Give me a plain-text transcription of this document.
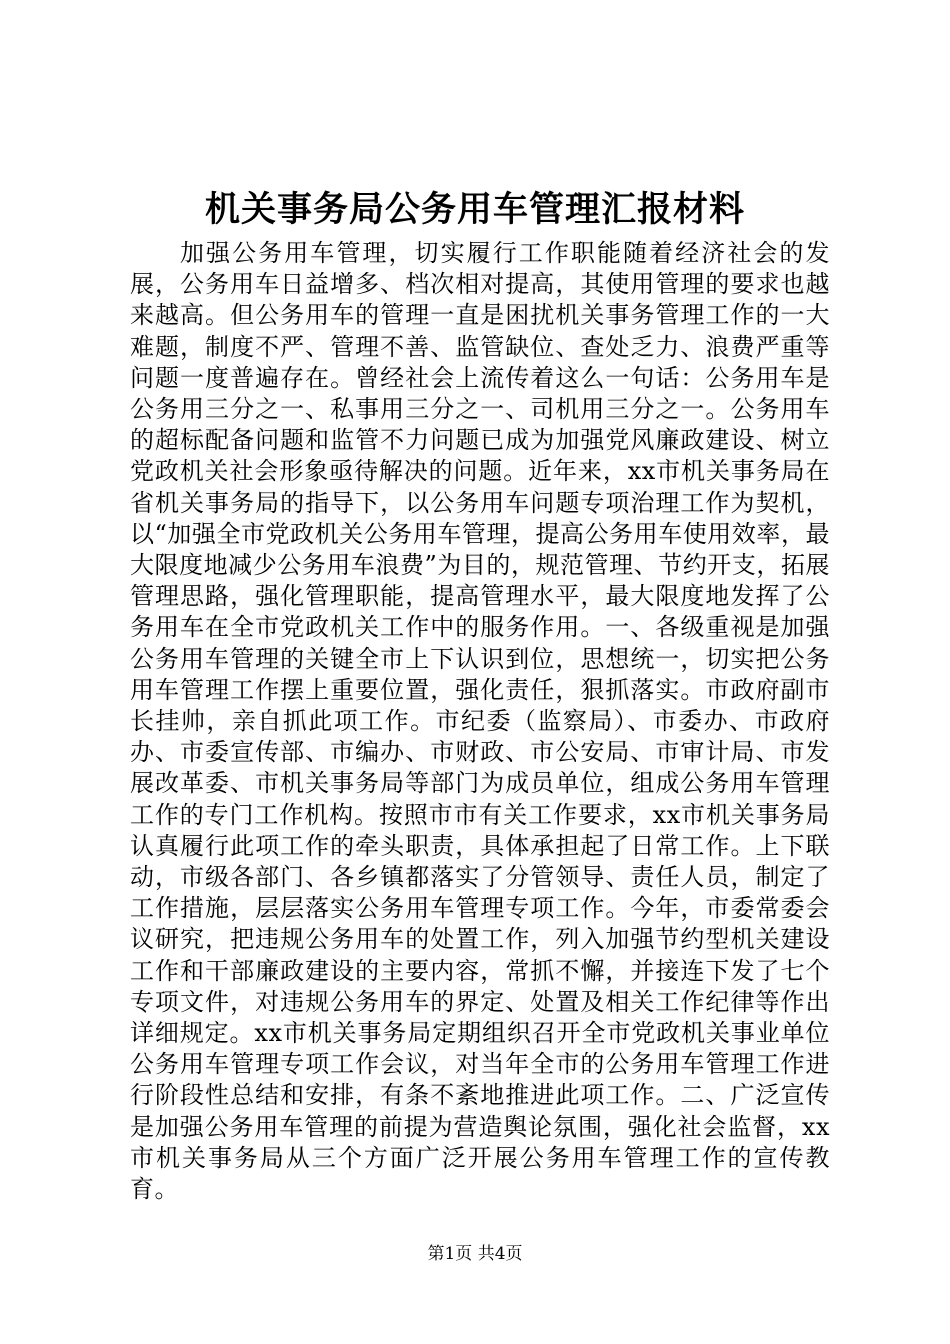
机关事务局公务用车管理汇报材料
加强公务用车管理，切实履行工作职能随着经济社会的发展，公务用车日益增多、档次相对提高，其使用管理的要求也越来越高。但公务用车的管理一直是困扰机关事务管理工作的一大难题，制度不严、管理不善、监管缺位、查处乏力、浪费严重等问题一度普遍存在。曾经社会上流传着这么一句话：公务用车是公务用三分之一、私事用三分之一、司机用三分之一。公务用车的超标配备问题和监管不力问题已成为加强党风廉政建设、树立党政机关社会形象亟待解决的问题。近年来，xx市机关事务局在省机关事务局的指导下，以公务用车问题专项治理工作为契机，以“加强全市党政机关公务用车管理，提高公务用车使用效率，最大限度地减少公务用车浪费”为目的，规范管理、节约开支，拓展管理思路，强化管理职能，提高管理水平，最大限度地发挥了公务用车在全市党政机关工作中的服务作用。一、各级重视是加强公务用车管理的关键全市上下认识到位，思想统一，切实把公务用车管理工作摆上重要位置，强化责任，狠抓落实。市政府副市长挂帅，亲自抓此项工作。市纪委（监察局）、市委办、市政府办、市委宣传部、市编办、市财政、市公安局、市审计局、市发展改革委、市机关事务局等部门为成员单位，组成公务用车管理工作的专门工作机构。按照市市有关工作要求，xx市机关事务局认真履行此项工作的牵头职责，具体承担起了日常工作。上下联动，市级各部门、各乡镇都落实了分管领导、责任人员，制定了工作措施，层层落实公务用车管理专项工作。今年，市委常委会议研究，把违规公务用车的处置工作，列入加强节约型机关建设工作和干部廉政建设的主要内容，常抓不懈，并接连下发了七个专项文件，对违规公务用车的界定、处置及相关工作纪律等作出详细规定。xx市机关事务局定期组织召开全市党政机关事业单位公务用车管理专项工作会议，对当年全市的公务用车管理工作进行阶段性总结和安排，有条不紊地推进此项工作。二、广泛宣传是加强公务用车管理的前提为营造舆论氛围，强化社会监督，xx市机关事务局从三个方面广泛开展公务用车管理工作的宣传教育。
第1页 共4页
